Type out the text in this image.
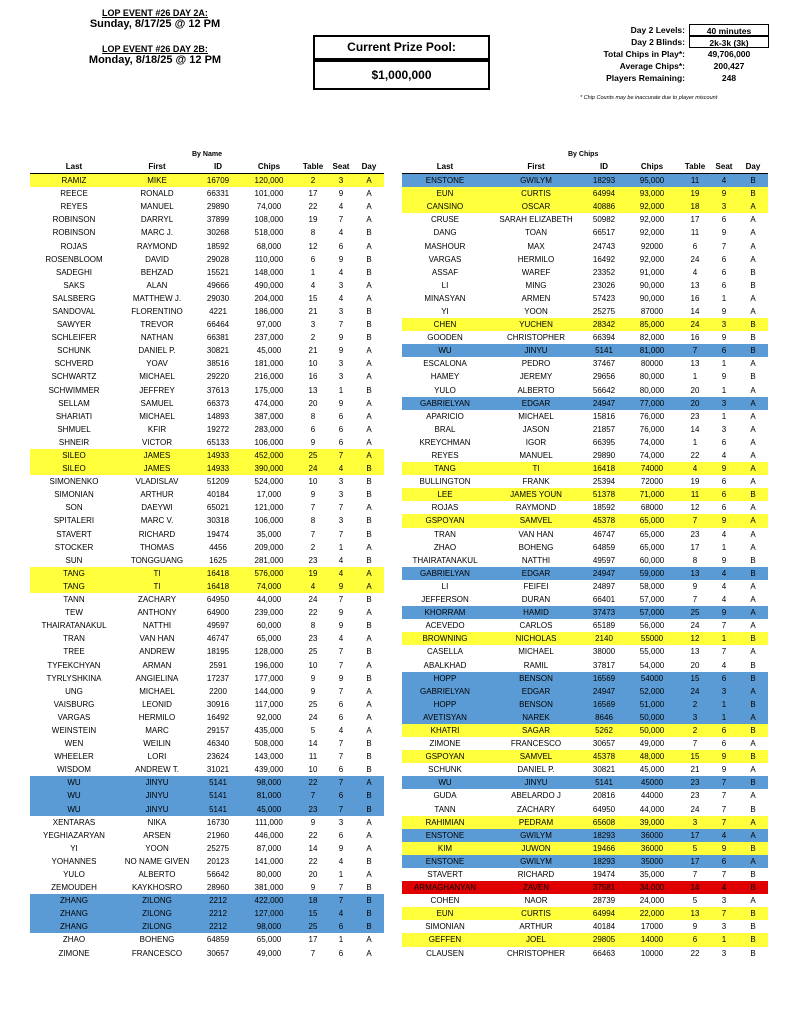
LOP EVENT #26 DAY 2A:
Sunday, 8/17/25 @ 12 PM
LOP EVENT #26 DAY 2B:
Monday, 8/18/25 @ 12 PM
Current Prize Pool:
$1,000,000
Day 2 Levels:	40 minutes
Day 2 Blinds:	2k-3k (3k)
Total Chips in Play*:	49,706,000
Average Chips*:	200,427
Players Remaining:	248
* Chip Counts may be inaccurate due to player miscount
By Name	By Chips
Last	First	ID	Chips	Table	Seat	Day
RAMIZ	MIKE	16709	120,000	2	3	A
REECE	RONALD	66331	101,000	17	9	A
REYES	MANUEL	29890	74,000	22	4	A
ROBINSON	DARRYL	37899	108,000	19	7	A
ROBINSON	MARC J.	30268	518,000	8	4	B
ROJAS	RAYMOND	18592	68,000	12	6	A
ROSENBLOOM	DAVID	29028	110,000	6	9	B
SADEGHI	BEHZAD	15521	148,000	1	4	B
SAKS	ALAN	49666	490,000	4	3	A
SALSBERG	MATTHEW J.	29030	204,000	15	4	A
SANDOVAL	FLORENTINO	4221	186,000	21	3	B
SAWYER	TREVOR	66464	97,000	3	7	B
SCHLEIFER	NATHAN	66381	237,000	2	9	B
SCHUNK	DANIEL P.	30821	45,000	21	9	A
SCHVERD	YOAV	38516	181,000	10	3	A
SCHWARTZ	MICHAEL	29220	216,000	16	3	A
SCHWIMMER	JEFFREY	37613	175,000	13	1	B
SELLAM	SAMUEL	66373	474,000	20	9	A
SHARIATI	MICHAEL	14893	387,000	8	6	A
SHMUEL	KFIR	19272	283,000	6	6	A
SHNEIR	VICTOR	65133	106,000	9	6	A
SILEO	JAMES	14933	452,000	25	7	A
SILEO	JAMES	14933	390,000	24	4	B
SIMONENKO	VLADISLAV	51209	524,000	10	3	B
SIMONIAN	ARTHUR	40184	17,000	9	3	B
SON	DAEYWI	65021	121,000	7	7	A
SPITALERI	MARC V.	30318	106,000	8	3	B
STAVERT	RICHARD	19474	35,000	7	7	B
STOCKER	THOMAS	4456	209,000	2	1	A
SUN	TONGGUANG	1625	281,000	23	4	B
TANG	TI	16418	576,000	19	4	A
TANG	TI	16418	74,000	4	9	A
TANN	ZACHARY	64950	44,000	24	7	B
TEW	ANTHONY	64900	239,000	22	9	A
THAIRATANAKUL	NATTHI	49597	60,000	8	9	B
TRAN	VAN HAN	46747	65,000	23	4	A
TREE	ANDREW	18195	128,000	25	7	B
TYFEKCHYAN	ARMAN	2591	196,000	10	7	A
TYRLYSHKINA	ANGIELINA	17237	177,000	9	9	B
UNG	MICHAEL	2200	144,000	9	7	A
VAISBURG	LEONID	30916	117,000	25	6	A
VARGAS	HERMILO	16492	92,000	24	6	A
WEINSTEIN	MARC	29157	435,000	5	4	A
WEN	WEILIN	46340	508,000	14	7	B
WHEELER	LORI	23624	143,000	11	7	B
WISDOM	ANDREW T.	31021	439,000	10	6	B
WU	JINYU	5141	98,000	22	7	A
WU	JINYU	5141	81,000	7	6	B
WU	JINYU	5141	45,000	23	7	B
XENTARAS	NIKA	16730	111,000	9	3	A
YEGHIAZARYAN	ARSEN	21960	446,000	22	6	A
YI	YOON	25275	87,000	14	9	A
YOHANNES	NO NAME GIVEN	20123	141,000	22	4	B
YULO	ALBERTO	56642	80,000	20	1	A
ZEMOUDEH	KAYKHOSRO	28960	381,000	9	7	B
ZHANG	ZILONG	2212	422,000	18	7	B
ZHANG	ZILONG	2212	127,000	15	4	B
ZHANG	ZILONG	2212	98,000	25	6	B
ZHAO	BOHENG	64859	65,000	17	1	A
ZIMONE	FRANCESCO	30657	49,000	7	6	A
Last	First	ID	Chips	Table	Seat	Day
ENSTONE	GWILYM	18293	95,000	11	4	B
EUN	CURTIS	64994	93,000	19	9	B
CANSINO	OSCAR	40886	92,000	18	3	A
CRUSE	SARAH ELIZABETH	50982	92,000	17	6	A
DANG	TOAN	66517	92,000	11	9	A
MASHOUR	MAX	24743	92000	6	7	A
VARGAS	HERMILO	16492	92,000	24	6	A
ASSAF	WAREF	23352	91,000	4	6	B
LI	MING	23026	90,000	13	6	B
MINASYAN	ARMEN	57423	90,000	16	1	A
YI	YOON	25275	87000	14	9	A
CHEN	YUCHEN	28342	85,000	24	3	B
GOODEN	CHRISTOPHER	66394	82,000	16	9	B
WU	JINYU	5141	81,000	7	6	B
ESCALONA	PEDRO	37467	80000	13	1	A
HAMEY	JEREMY	29656	80,000	1	9	B
YULO	ALBERTO	56642	80,000	20	1	A
GABRIELYAN	EDGAR	24947	77,000	20	3	A
APARICIO	MICHAEL	15816	76,000	23	1	A
BRAL	JASON	21857	76,000	14	3	A
KREYCHMAN	IGOR	66395	74,000	1	6	A
REYES	MANUEL	29890	74,000	22	4	A
TANG	TI	16418	74000	4	9	A
BULLINGTON	FRANK	25394	72000	19	6	A
LEE	JAMES YOUN	51378	71,000	11	6	B
ROJAS	RAYMOND	18592	68000	12	6	A
GSPOYAN	SAMVEL	45378	65,000	7	9	A
TRAN	VAN HAN	46747	65,000	23	4	A
ZHAO	BOHENG	64859	65,000	17	1	A
THAIRATANAKUL	NATTHI	49597	60,000	8	9	B
GABRIELYAN	EDGAR	24947	59,000	13	4	B
LI	FEIFEI	24897	58,000	9	4	A
JEFFERSON	DURAN	66401	57,000	7	4	A
KHORRAM	HAMID	37473	57,000	25	9	A
ACEVEDO	CARLOS	65189	56,000	24	7	A
BROWNING	NICHOLAS	2140	55000	12	1	B
CASELLA	MICHAEL	38000	55,000	13	7	A
ABALKHAD	RAMIL	37817	54,000	20	4	B
HOPP	BENSON	16569	54000	15	6	B
GABRIELYAN	EDGAR	24947	52,000	24	3	A
HOPP	BENSON	16569	51,000	2	1	B
AVETISYAN	NAREK	8646	50,000	3	1	A
KHATRI	SAGAR	5262	50,000	2	6	B
ZIMONE	FRANCESCO	30657	49,000	7	6	A
GSPOYAN	SAMVEL	45378	48,000	15	9	B
SCHUNK	DANIEL P.	30821	45,000	21	9	A
WU	JINYU	5141	45000	23	7	B
GUDA	ABELARDO J	20816	44000	23	7	A
TANN	ZACHARY	64950	44,000	24	7	B
RAHIMIAN	PEDRAM	65608	39,000	3	7	A
ENSTONE	GWILYM	18293	36000	17	4	A
KIM	JUWON	19466	36000	5	9	B
ENSTONE	GWILYM	18293	35000	17	6	A
STAVERT	RICHARD	19474	35,000	7	7	B
ARMAGHANYAN	ZAVEN	37581	34,000	14	4	B
COHEN	NAOR	28739	24,000	5	3	A
EUN	CURTIS	64994	22,000	13	7	B
SIMONIAN	ARTHUR	40184	17000	9	3	B
GEFFEN	JOEL	29805	14000	6	1	B
CLAUSEN	CHRISTOPHER	66463	10000	22	3	B
